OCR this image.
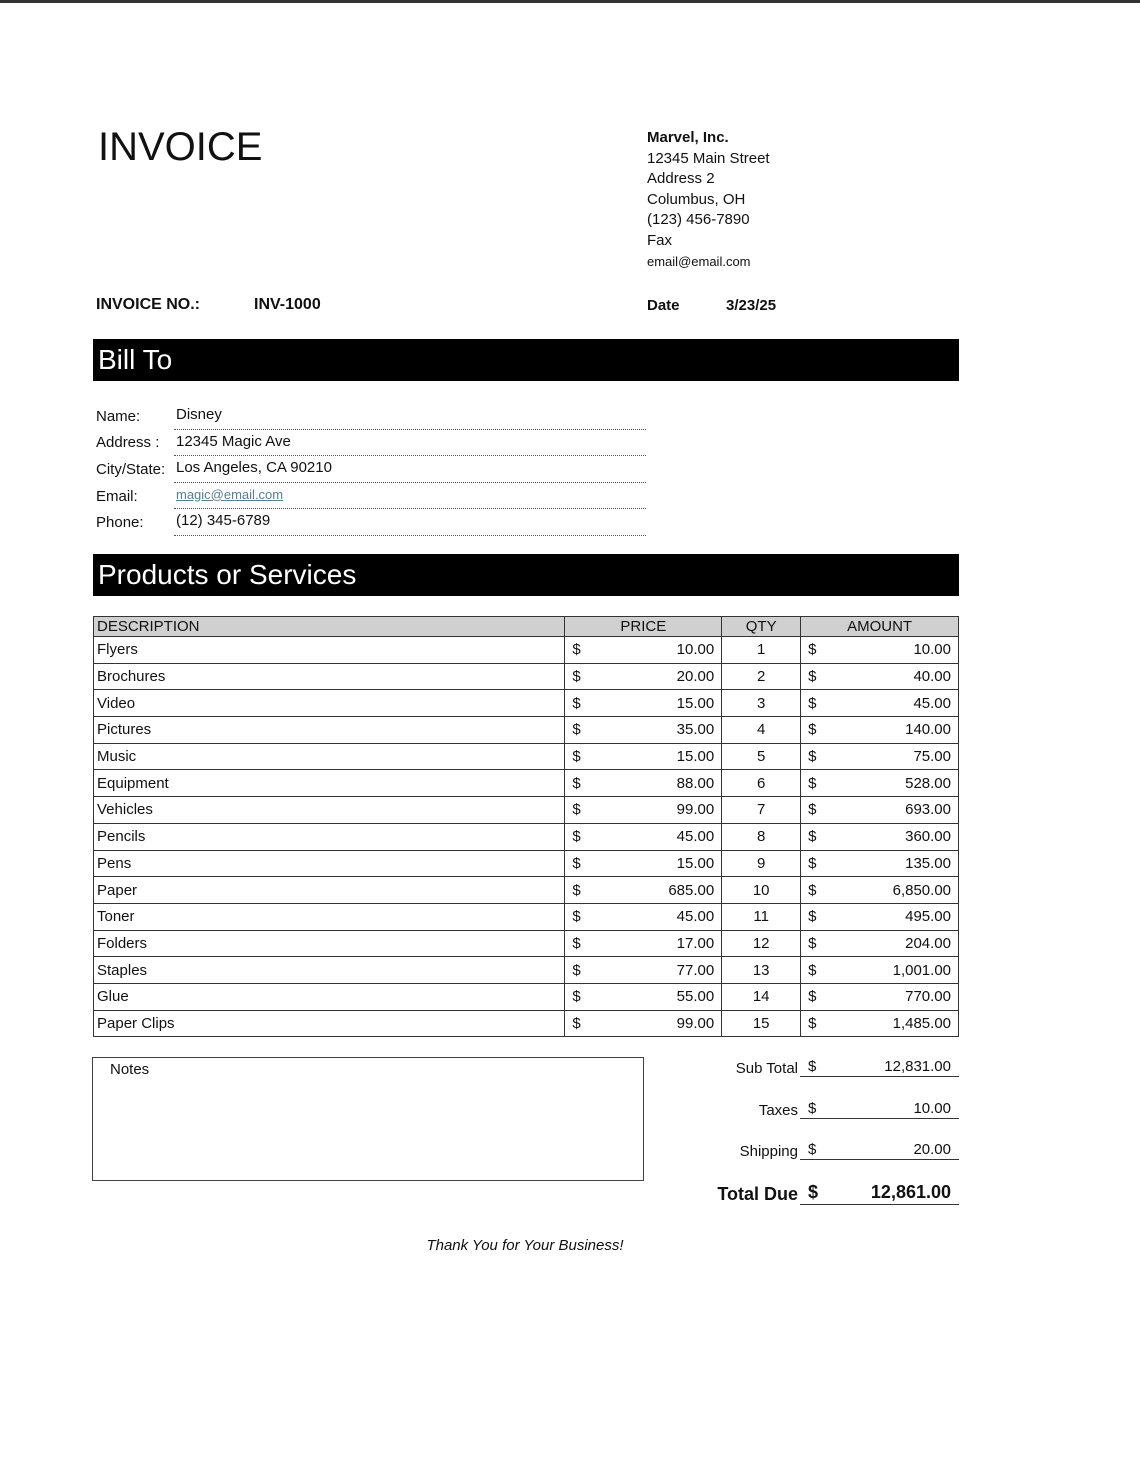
INVOICE	Marvel, Inc.
12345 Main Street
Address 2
Columbus, OH
(123) 456-7890
Fax
email@email.com
INVOICE NO.:	INV-1000	Date	3/23/25
Bill To
Name:	Disney
Address :	12345 Magic Ave
City/State: Los Angeles, CA 90210
Email:	magic@email.com
Phone:	(12) 345-6789
Products or Services
DESCRIPTION	PRICE	QTY	AMOUNT
Flyers	$ 10.00	1	$ 10.00

Brochures	$ 20.00	2	$ 40.00

Video	$ 15.00	3	$ 45.00

Pictures	$ 35.00	4	$ 140.00

Music	$ 15.00	5	$ 75.00

Equipment	$ 88.00	6	$ 528.00

Vehicles	$ 99.00	7	$ 693.00

Pencils	$ 45.00	8	$ 360.00

Pens	$ 15.00	9	$ 135.00

Paper	$ 685.00	10	$ 6,850.00

Toner	$ 45.00	11	$ 495.00

Folders	$ 17.00	12	$ 204.00

Staples	$ 77.00	13	$ 1,001.00

Glue	$ 55.00	14	$ 770.00

Paper Clips	$ 99.00	15	$ 1,485.00
Notes	Sub Total $	12,831.00
Taxes $	10.00
Shipping $	20.00
Total Due $	12,861.00
Thank You for Your Business!
